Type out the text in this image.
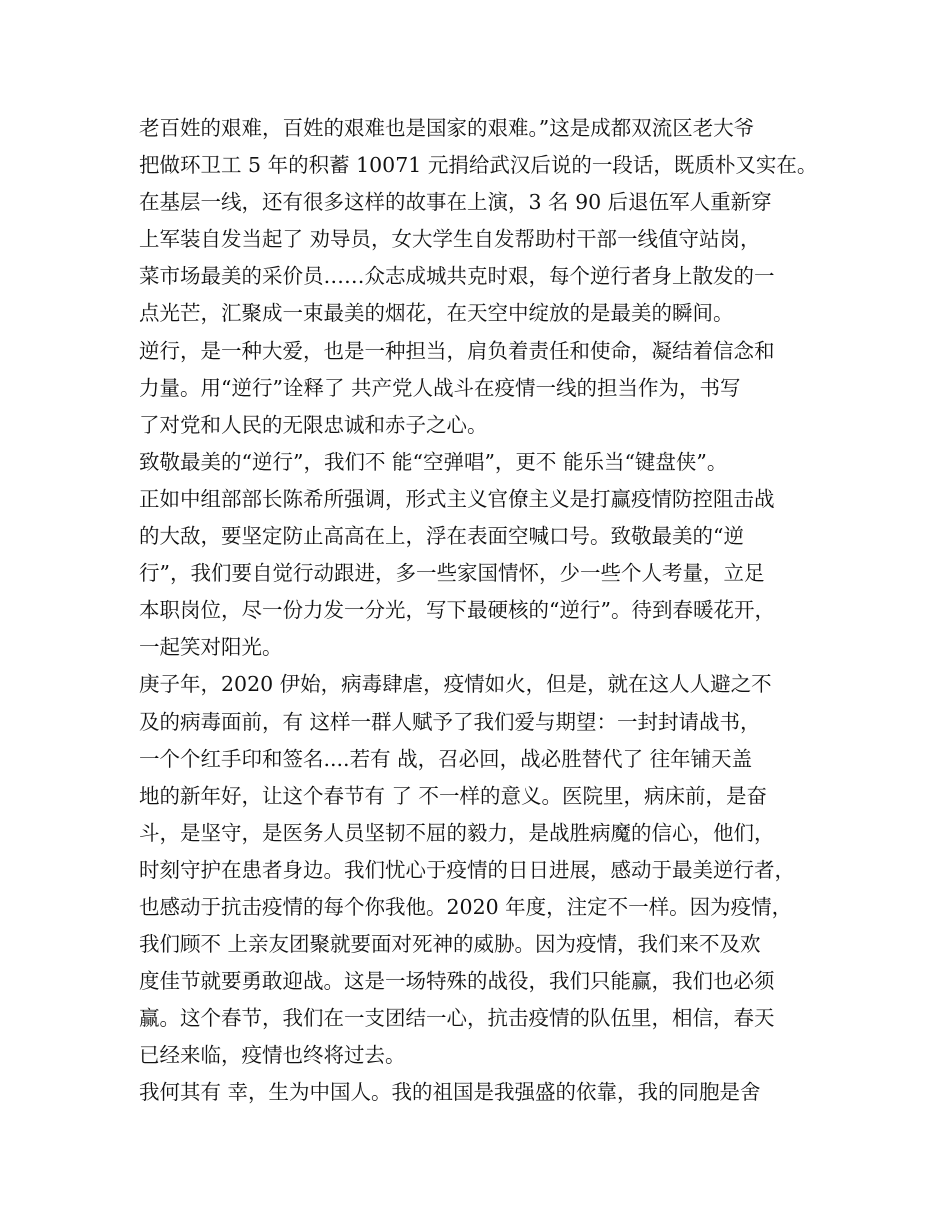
老百姓的艰难，百姓的艰难也是国家的艰难。”这是成都双流区老大爷
把做环卫工 5 年的积蓄 10071 元捐给武汉后说的一段话，既质朴又实在。
在基层一线，还有很多这样的故事在上演，3 名 90 后退伍军人重新穿
上军装自发当起了 劝导员，女大学生自发帮助村干部一线值守站岗，
菜市场最美的采价员……众志成城共克时艰，每个逆行者身上散发的一
点光芒，汇聚成一束最美的烟花，在天空中绽放的是最美的瞬间。
逆行，是一种大爱，也是一种担当，肩负着责任和使命，凝结着信念和
力量。用“逆行”诠释了 共产党人战斗在疫情一线的担当作为，书写
了对党和人民的无限忠诚和赤子之心。
致敬最美的“逆行”，我们不 能“空弹唱”，更不 能乐当“键盘侠”。
正如中组部部长陈希所强调，形式主义官僚主义是打赢疫情防控阻击战
的大敌，要坚定防止高高在上，浮在表面空喊口号。致敬最美的“逆
行”，我们要自觉行动跟进，多一些家国情怀，少一些个人考量，立足
本职岗位，尽一份力发一分光，写下最硬核的“逆行”。待到春暖花开，
一起笑对阳光。
庚子年，2020 伊始，病毒肆虐，疫情如火，但是，就在这人人避之不
及的病毒面前，有 这样一群人赋予了我们爱与期望：一封封请战书，
一个个红手印和签名....若有 战，召必回，战必胜替代了 往年铺天盖
地的新年好，让这个春节有 了 不一样的意义。医院里，病床前，是奋
斗，是坚守，是医务人员坚韧不屈的毅力，是战胜病魔的信心，他们，
时刻守护在患者身边。我们忧心于疫情的日日进展，感动于最美逆行者，
也感动于抗击疫情的每个你我他。2020 年度，注定不一样。因为疫情，
我们顾不 上亲友团聚就要面对死神的威胁。因为疫情，我们来不及欢
度佳节就要勇敢迎战。这是一场特殊的战役，我们只能赢，我们也必须
赢。这个春节，我们在一支团结一心，抗击疫情的队伍里，相信，春天
已经来临，疫情也终将过去。
我何其有 幸，生为中国人。我的祖国是我强盛的依靠，我的同胞是舍
